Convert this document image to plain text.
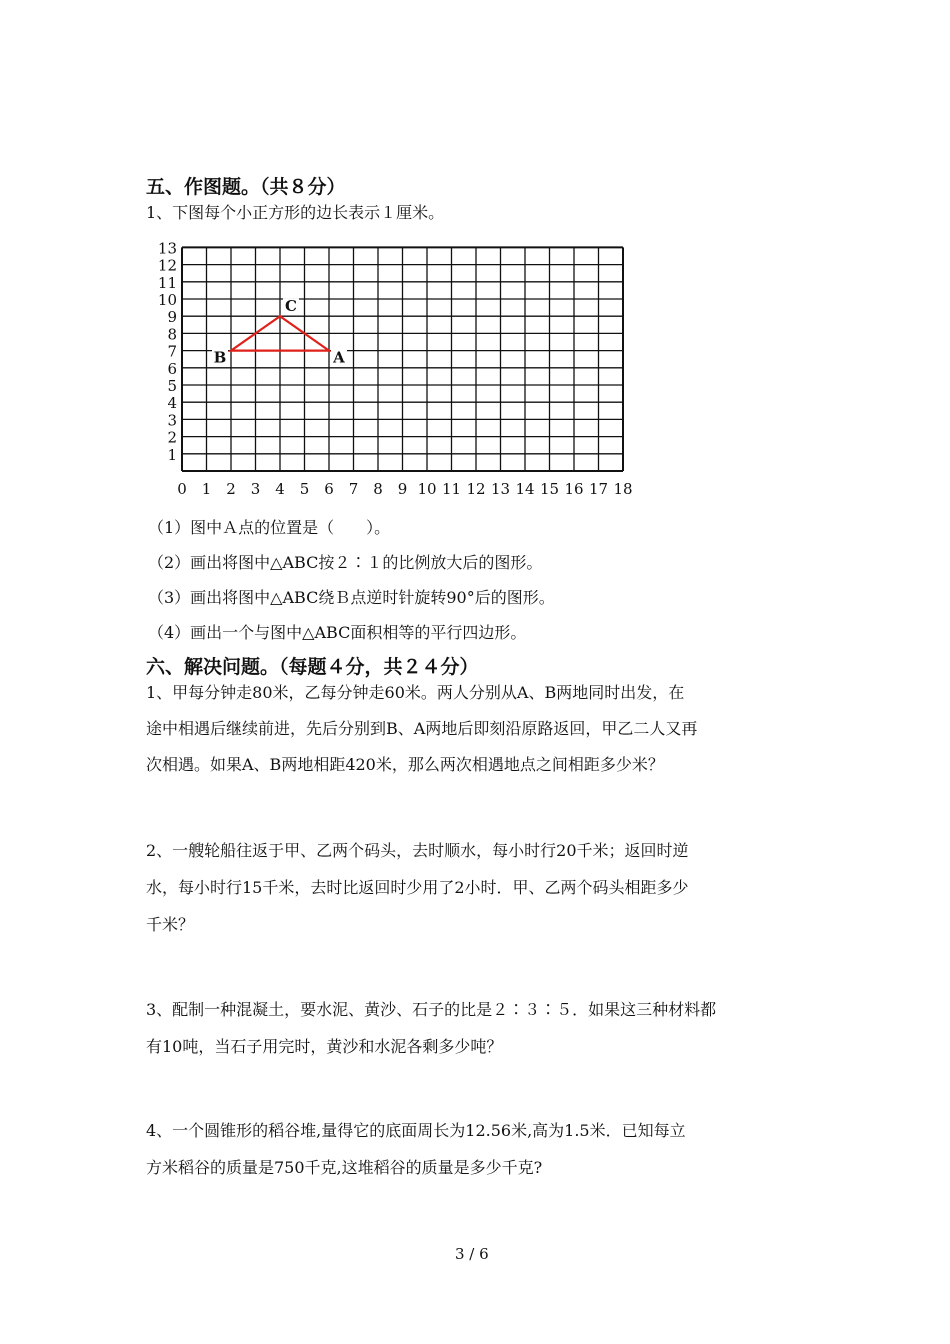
五、作图题。（共８分）
1、下图每个小正方形的边长表示１厘米。
13
12
11
10
9
8
7
6
5
4
3
2
1
0 1 2 3 4 5 6 7 8 9 10 11 12 13 14 15 16 17 18
A
B
C
（1）图中Ａ点的位置是（　　）。
（2）画出将图中△ABC按２∶１的比例放大后的图形。
（3）画出将图中△ABC绕Ｂ点逆时针旋转90°后的图形。
（4）画出一个与图中△ABC面积相等的平行四边形。
六、解决问题。（每题４分，共２４分）
1、甲每分钟走80米，乙每分钟走60米。两人分别从A、B两地同时出发，在
途中相遇后继续前进，先后分别到B、A两地后即刻沿原路返回，甲乙二人又再
次相遇。如果A、B两地相距420米，那么两次相遇地点之间相距多少米？
2、一艘轮船往返于甲、乙两个码头，去时顺水，每小时行20千米；返回时逆
水，每小时行15千米，去时比返回时少用了2小时．甲、乙两个码头相距多少
千米？
3、配制一种混凝土，要水泥、黄沙、石子的比是２∶３∶５．如果这三种材料都
有10吨，当石子用完时，黄沙和水泥各剩多少吨？
4、一个圆锥形的稻谷堆,量得它的底面周长为12.56米,高为1.5米．已知每立
方米稻谷的质量是750千克,这堆稻谷的质量是多少千克?
3 / 6
